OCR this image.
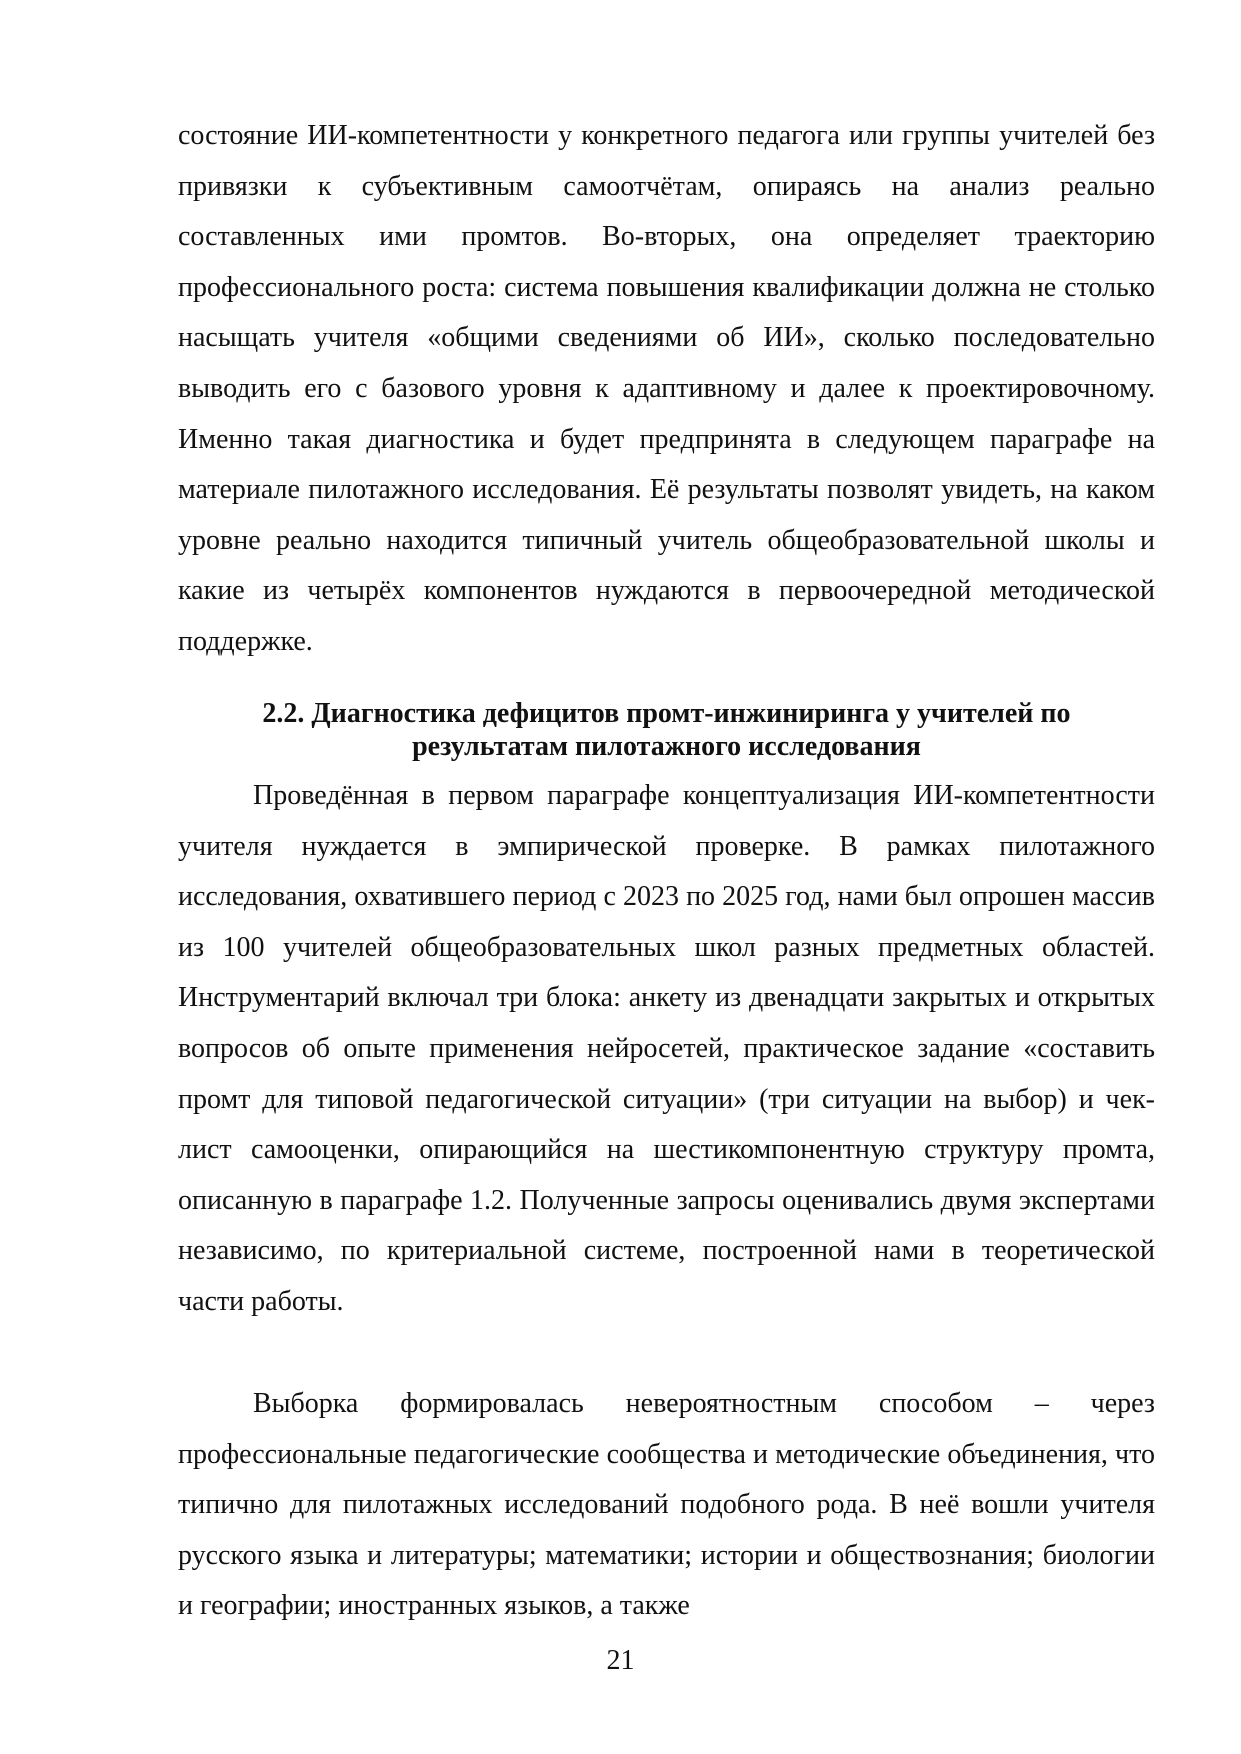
состояние ИИ-компетентности у конкретного педагога или группы учителей без привязки к субъективным самоотчётам, опираясь на анализ реально составленных ими промтов. Во-вторых, она определяет траекторию профессионального роста: система повышения квалификации должна не столько насыщать учителя «общими сведениями об ИИ», сколько последовательно выводить его с базового уровня к адаптивному и далее к проектировочному. Именно такая диагностика и будет предпринята в следующем параграфе на материале пилотажного исследования. Её результаты позволят увидеть, на каком уровне реально находится типичный учитель общеобразовательной школы и какие из четырёх компонентов нуждаются в первоочередной методической поддержке.

2.2. Диагностика дефицитов промт-инжиниринга у учителей по
результатам пилотажного исследования

Проведённая в первом параграфе концептуализация ИИ-компетентности учителя нуждается в эмпирической проверке. В рамках пилотажного исследования, охватившего период с 2023 по 2025 год, нами был опрошен массив из 100 учителей общеобразовательных школ разных предметных областей. Инструментарий включал три блока: анкету из двенадцати закрытых и открытых вопросов об опыте применения нейросетей, практическое задание «составить промт для типовой педагогической ситуации» (три ситуации на выбор) и чек-лист самооценки, опирающийся на шестикомпонентную структуру промта, описанную в параграфе 1.2. Полученные запросы оценивались двумя экспертами независимо, по критериальной системе, построенной нами в теоретической части работы.

Выборка формировалась невероятностным способом – через профессиональные педагогические сообщества и методические объединения, что типично для пилотажных исследований подобного рода. В неё вошли учителя русского языка и литературы; математики; истории и обществознания; биологии и географии; иностранных языков, а также

21
